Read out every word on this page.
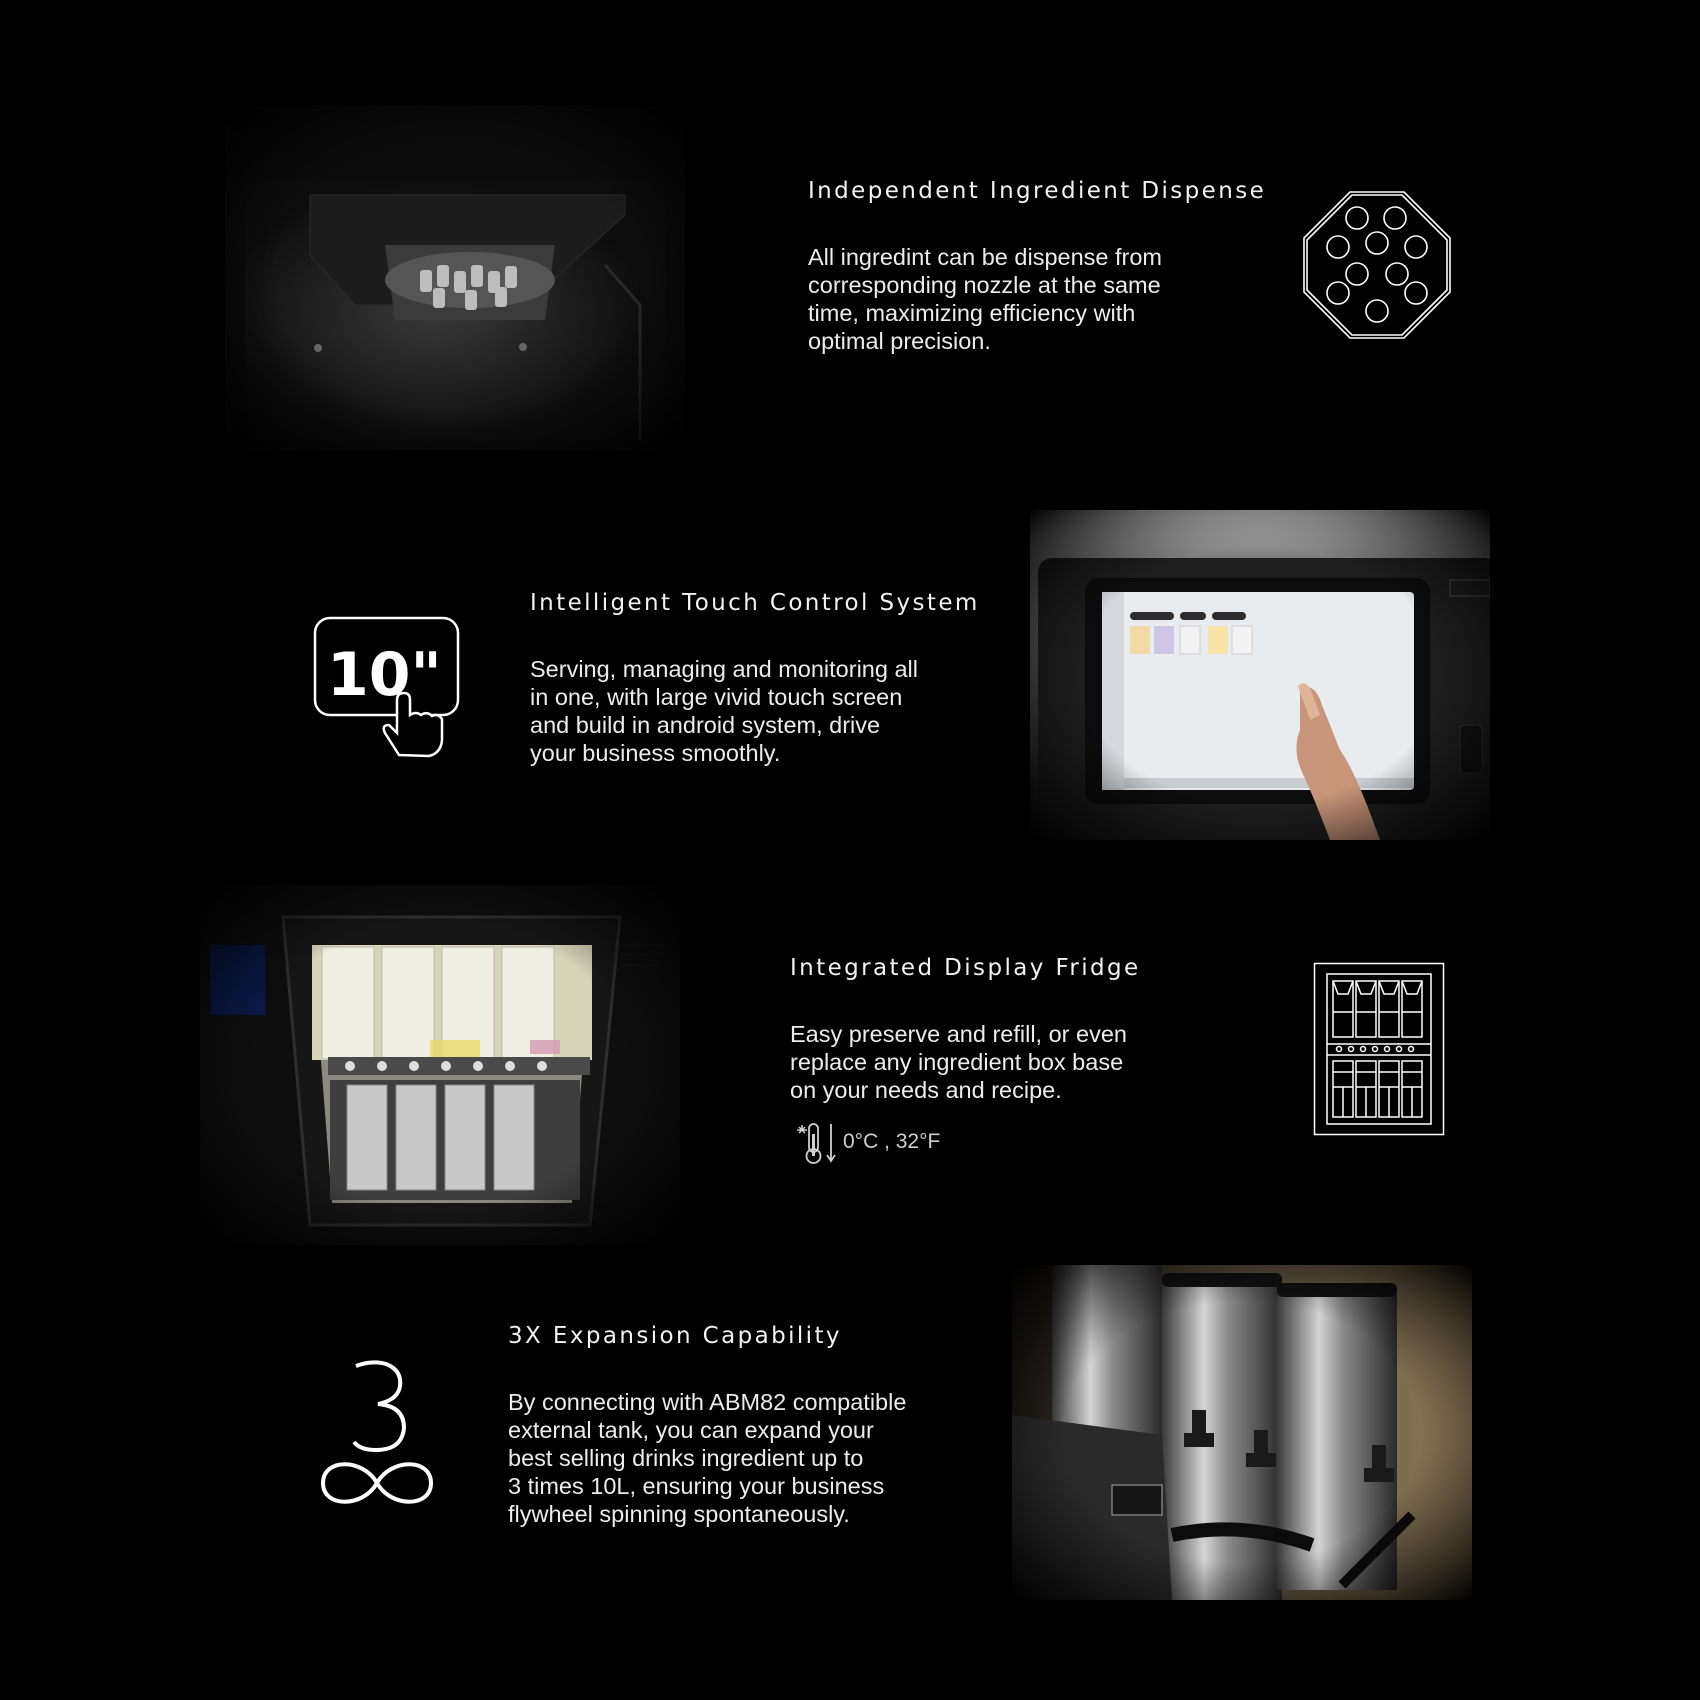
Independent Ingredient Dispense
All ingredint can be dispense from
corresponding nozzle at the same
time, maximizing efficiency with
optimal precision.
10"
Intelligent Touch Control System
Serving, managing and monitoring all
in one, with large vivid touch screen
and build in android system, drive
your business smoothly.
Integrated Display Fridge
Easy preserve and refill, or even
replace any ingredient box base
on your needs and recipe.
0°C , 32°F
3X Expansion Capability
By connecting with ABM82 compatible
external tank, you can expand your
best selling drinks ingredient up to
3 times 10L, ensuring your business
flywheel spinning spontaneously.
